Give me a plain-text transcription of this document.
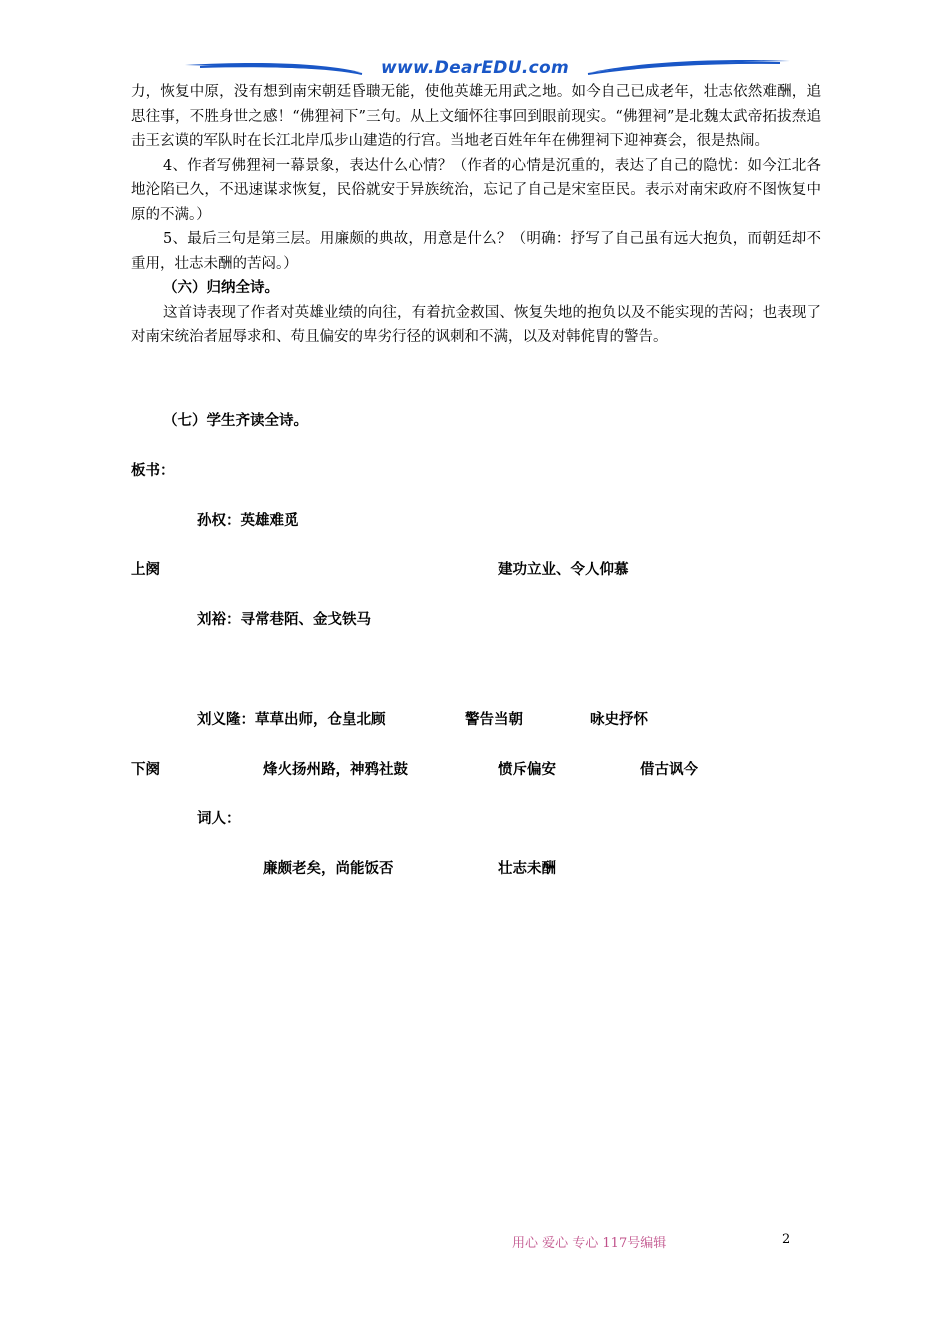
www.DearEDU.com

力，恢复中原，没有想到南宋朝廷昏聩无能，使他英雄无用武之地。如今自己已成老年，壮志依然难酬，追思往事，不胜身世之感！“佛狸祠下”三句。从上文缅怀往事回到眼前现实。“佛狸祠”是北魏太武帝拓拔焘追击王玄谟的军队时在长江北岸瓜步山建造的行宫。当地老百姓年年在佛狸祠下迎神赛会，很是热闹。

4、作者写佛狸祠一幕景象，表达什么心情？（作者的心情是沉重的，表达了自己的隐忧：如今江北各地沦陷已久，不迅速谋求恢复，民俗就安于异族统治，忘记了自己是宋室臣民。表示对南宋政府不图恢复中原的不满。）

5、最后三句是第三层。用廉颇的典故，用意是什么？（明确：抒写了自己虽有远大抱负，而朝廷却不重用，壮志未酬的苦闷。）

（六）归纳全诗。

这首诗表现了作者对英雄业绩的向往，有着抗金救国、恢复失地的抱负以及不能实现的苦闷；也表现了对南宋统治者屈辱求和、苟且偏安的卑劣行径的讽刺和不满，以及对韩侂胄的警告。

（七）学生齐读全诗。
板书：
孙权：英雄难觅
上阕	建功立业、令人仰慕
刘裕：寻常巷陌、金戈铁马
刘义隆：草草出师，仓皇北顾	警告当朝	咏史抒怀
下阕	烽火扬州路，神鸦社鼓	愤斥偏安	借古讽今
词人：
廉颇老矣，尚能饭否	壮志未酬
用心 爱心 专心 117号编辑	2
